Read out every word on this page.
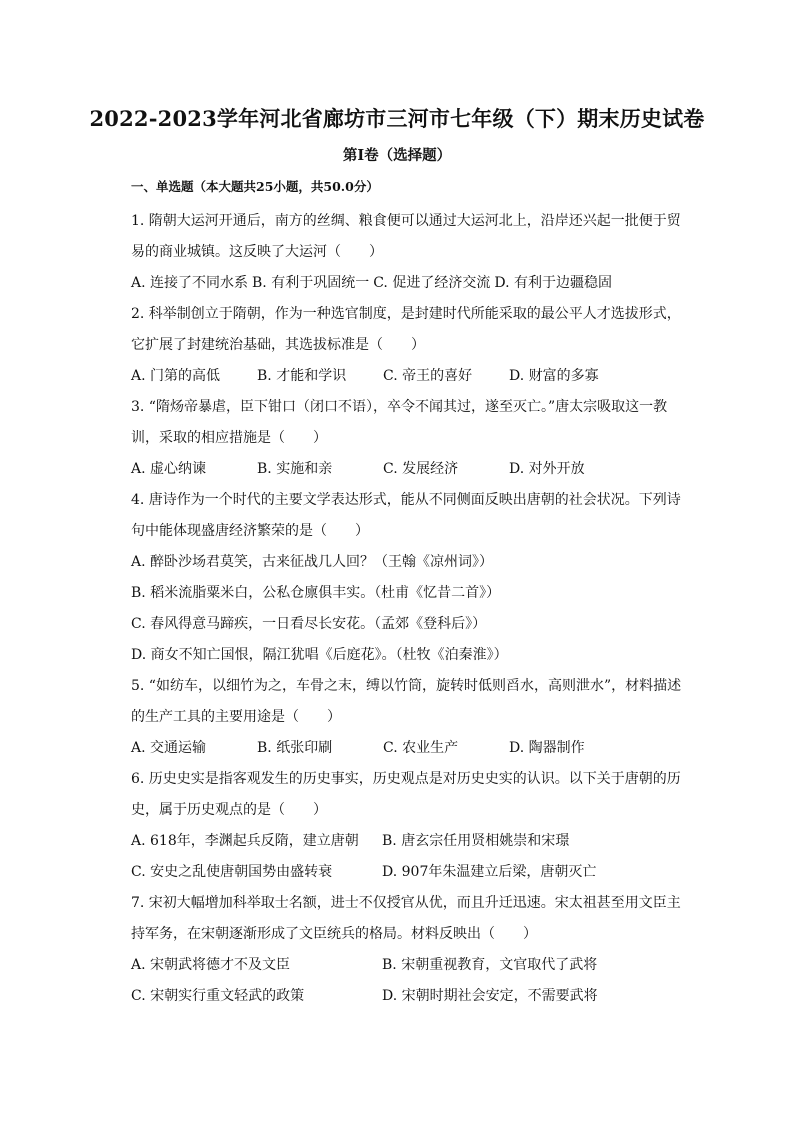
2022-2023学年河北省廊坊市三河市七年级（下）期末历史试卷
第Ⅰ卷（选择题）
一、单选题（本大题共25小题，共50.0分）
1. 隋朝大运河开通后，南方的丝绸、粮食便可以通过大运河北上，沿岸还兴起一批便于贸易的商业城镇。这反映了大运河（　　）
A. 连接了不同水系 B. 有利于巩固统一 C. 促进了经济交流 D. 有利于边疆稳固
2. 科举制创立于隋朝，作为一种选官制度，是封建时代所能采取的最公平人才选拔形式，它扩展了封建统治基础，其选拔标准是（　　）
A. 门第的高低	B. 才能和学识	C. 帝王的喜好	D. 财富的多寡
3. “隋炀帝暴虐，臣下钳口（闭口不语），卒令不闻其过，遂至灭亡。”唐太宗吸取这一教训，采取的相应措施是（　　）
A. 虚心纳谏	B. 实施和亲	C. 发展经济	D. 对外开放
4. 唐诗作为一个时代的主要文学表达形式，能从不同侧面反映出唐朝的社会状况。下列诗句中能体现盛唐经济繁荣的是（　　）
A. 醉卧沙场君莫笑，古来征战几人回？（王翰《凉州词》）
B. 稻米流脂粟米白，公私仓廪俱丰实。（杜甫《忆昔二首》）
C. 春风得意马蹄疾，一日看尽长安花。（孟郊《登科后》）
D. 商女不知亡国恨，隔江犹唱《后庭花》。（杜牧《泊秦淮》）
5. “如纺车，以细竹为之，车骨之末，缚以竹筒，旋转时低则舀水，高则泄水”，材料描述的生产工具的主要用途是（　　）
A. 交通运输	B. 纸张印刷	C. 农业生产	D. 陶器制作
6. 历史史实是指客观发生的历史事实，历史观点是对历史史实的认识。以下关于唐朝的历史，属于历史观点的是（　　）
A. 618年，李渊起兵反隋，建立唐朝	B. 唐玄宗任用贤相姚崇和宋璟
C. 安史之乱使唐朝国势由盛转衰	D. 907年朱温建立后梁，唐朝灭亡
7. 宋初大幅增加科举取士名额，进士不仅授官从优，而且升迁迅速。宋太祖甚至用文臣主持军务，在宋朝逐渐形成了文臣统兵的格局。材料反映出（　　）
A. 宋朝武将德才不及文臣	B. 宋朝重视教育，文官取代了武将
C. 宋朝实行重文轻武的政策	D. 宋朝时期社会安定，不需要武将
